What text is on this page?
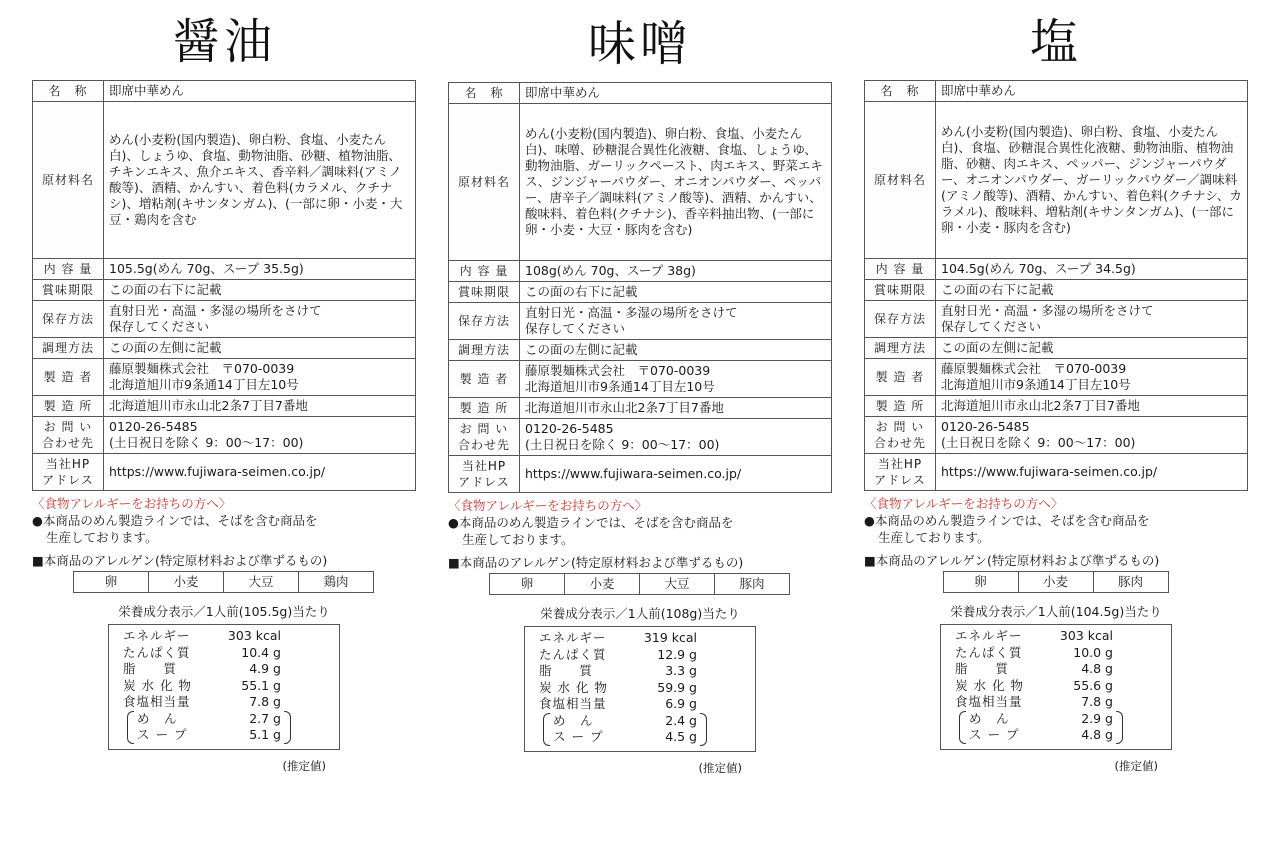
醤油
名　称	即席中華めん
原材料名	めん(小麦粉(国内製造)、卵白粉、食塩、小麦たん白)、しょうゆ、食塩、動物油脂、砂糖、植物油脂、チキンエキス、魚介エキス、香辛料／調味料(アミノ酸等)、酒精、かんすい、着色料(カラメル、クチナシ)、増粘剤(キサンタンガム)、(一部に卵・小麦・大豆・鶏肉を含む
内 容 量	105.5g(めん 70g、スープ 35.5g)
賞味期限	この面の右下に記載
保存方法	直射日光・高温・多湿の場所をさけて
保存してください
調理方法	この面の左側に記載
製 造 者	藤原製麺株式会社　〒070-0039
北海道旭川市9条通14丁目左10号
製 造 所	北海道旭川市永山北2条7丁目7番地
お 問 い
合わせ先	0120-26-5485
(土日祝日を除く 9：00～17：00)
当社HP
アドレス	https://www.fujiwara-seimen.co.jp/

〈食物アレルギーをお持ちの方へ〉

●本商品のめん製造ラインでは、そばを含む商品を
生産しております。

■本商品のアレルゲン(特定原材料および準ずるもの)

卵	小麦	大豆	鶏肉

栄養成分表示／1人前(105.5g)当たり

エネルギー	303 kcal
たんぱく質	10.4 g
脂　　質	4.9 g
炭 水 化 物	55.1 g
食塩相当量	7.8 g
め　ん	2.7 g
ス ー プ	5.1 g

(推定値)

味噌
名　称	即席中華めん
原材料名	めん(小麦粉(国内製造)、卵白粉、食塩、小麦たん白)、味噌、砂糖混合異性化液糖、食塩、しょうゆ、動物油脂、ガーリックペースト、肉エキス、野菜エキス、ジンジャーパウダー、オニオンパウダー、ペッパー、唐辛子／調味料(アミノ酸等)、酒精、かんすい、酸味料、着色料(クチナシ)、香辛料抽出物、(一部に卵・小麦・大豆・豚肉を含む)
内 容 量	108g(めん 70g、スープ 38g)
賞味期限	この面の右下に記載
保存方法	直射日光・高温・多湿の場所をさけて
保存してください
調理方法	この面の左側に記載
製 造 者	藤原製麺株式会社　〒070-0039
北海道旭川市9条通14丁目左10号
製 造 所	北海道旭川市永山北2条7丁目7番地
お 問 い
合わせ先	0120-26-5485
(土日祝日を除く 9：00～17：00)
当社HP
アドレス	https://www.fujiwara-seimen.co.jp/

〈食物アレルギーをお持ちの方へ〉

●本商品のめん製造ラインでは、そばを含む商品を
生産しております。

■本商品のアレルゲン(特定原材料および準ずるもの)

卵	小麦	大豆	豚肉

栄養成分表示／1人前(108g)当たり

エネルギー	319 kcal
たんぱく質	12.9 g
脂　　質	3.3 g
炭 水 化 物	59.9 g
食塩相当量	6.9 g
め　ん	2.4 g
ス ー プ	4.5 g

(推定値)

塩
名　称	即席中華めん
原材料名	めん(小麦粉(国内製造)、卵白粉、食塩、小麦たん白)、食塩、砂糖混合異性化液糖、動物油脂、植物油脂、砂糖、肉エキス、ペッパー、ジンジャーパウダー、オニオンパウダー、ガーリックパウダー／調味料(アミノ酸等)、酒精、かんすい、着色料(クチナシ、カラメル)、酸味料、増粘剤(キサンタンガム)、(一部に卵・小麦・豚肉を含む)
内 容 量	104.5g(めん 70g、スープ 34.5g)
賞味期限	この面の右下に記載
保存方法	直射日光・高温・多湿の場所をさけて
保存してください
調理方法	この面の左側に記載
製 造 者	藤原製麺株式会社　〒070-0039
北海道旭川市9条通14丁目左10号
製 造 所	北海道旭川市永山北2条7丁目7番地
お 問 い
合わせ先	0120-26-5485
(土日祝日を除く 9：00～17：00)
当社HP
アドレス	https://www.fujiwara-seimen.co.jp/

〈食物アレルギーをお持ちの方へ〉

●本商品のめん製造ラインでは、そばを含む商品を
生産しております。

■本商品のアレルゲン(特定原材料および準ずるもの)

卵	小麦	豚肉

栄養成分表示／1人前(104.5g)当たり

エネルギー	303 kcal
たんぱく質	10.0 g
脂　　質	4.8 g
炭 水 化 物	55.6 g
食塩相当量	7.8 g
め　ん	2.9 g
ス ー プ	4.8 g

(推定値)
